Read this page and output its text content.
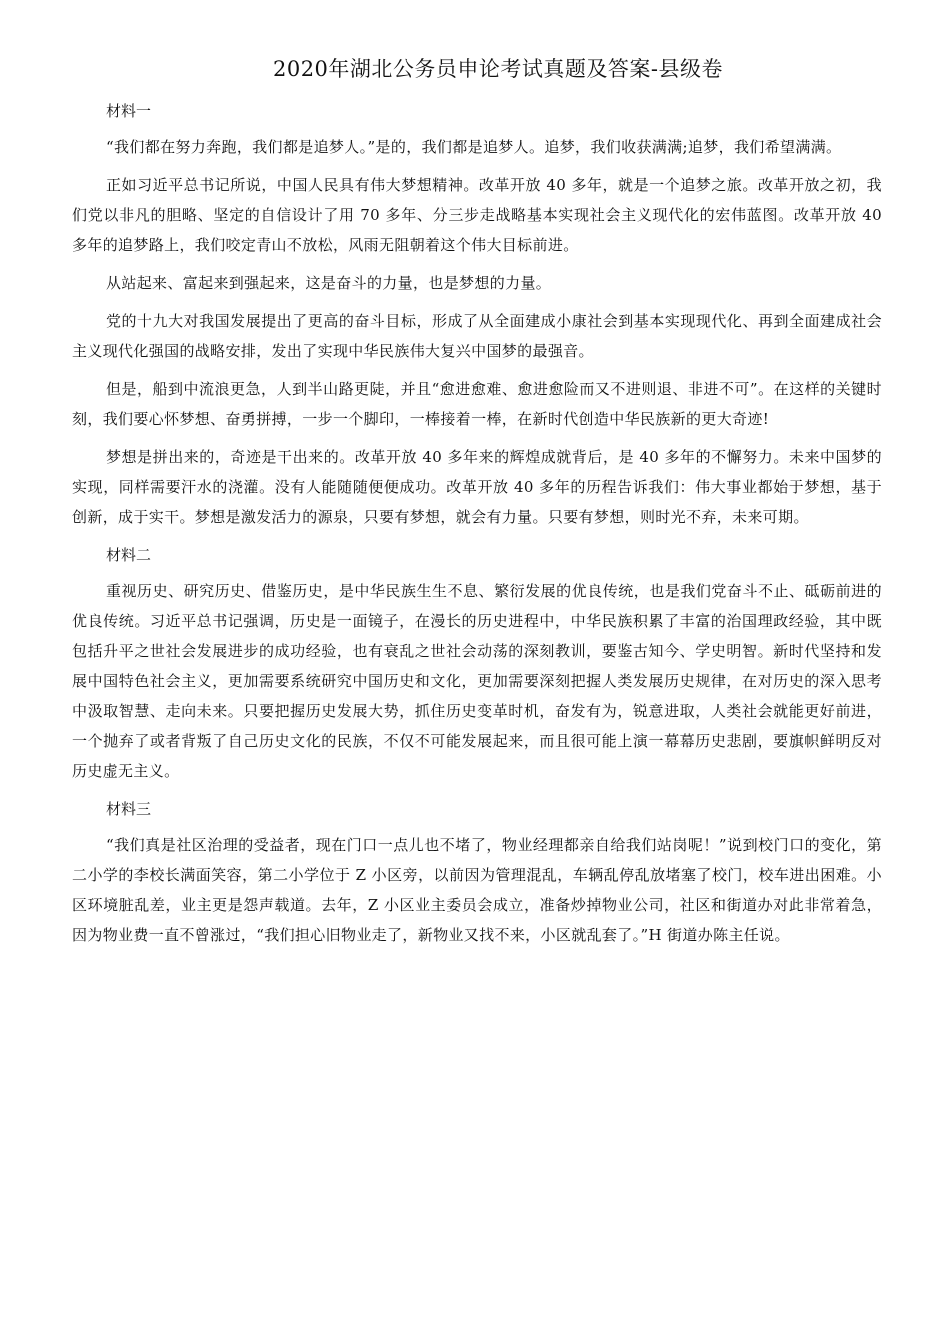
2020年湖北公务员申论考试真题及答案-县级卷

材料一

“我们都在努力奔跑，我们都是追梦人。”是的，我们都是追梦人。追梦，我们收获满满;追梦，我们希望满满。

正如习近平总书记所说，中国人民具有伟大梦想精神。改革开放 40 多年，就是一个追梦之旅。改革开放之初，我们党以非凡的胆略、坚定的自信设计了用 70 多年、分三步走战略基本实现社会主义现代化的宏伟蓝图。改革开放 40 多年的追梦路上，我们咬定青山不放松，风雨无阻朝着这个伟大目标前进。

从站起来、富起来到强起来，这是奋斗的力量，也是梦想的力量。

党的十九大对我国发展提出了更高的奋斗目标，形成了从全面建成小康社会到基本实现现代化、再到全面建成社会主义现代化强国的战略安排，发出了实现中华民族伟大复兴中国梦的最强音。

但是，船到中流浪更急，人到半山路更陡，并且“愈进愈难、愈进愈险而又不进则退、非进不可”。在这样的关键时刻，我们要心怀梦想、奋勇拼搏，一步一个脚印，一棒接着一棒，在新时代创造中华民族新的更大奇迹!

梦想是拼出来的，奇迹是干出来的。改革开放 40 多年来的辉煌成就背后，是 40 多年的不懈努力。未来中国梦的实现，同样需要汗水的浇灌。没有人能随随便便成功。改革开放 40 多年的历程告诉我们：伟大事业都始于梦想，基于创新，成于实干。梦想是激发活力的源泉，只要有梦想，就会有力量。只要有梦想，则时光不弃，未来可期。

材料二

重视历史、研究历史、借鉴历史，是中华民族生生不息、繁衍发展的优良传统，也是我们党奋斗不止、砥砺前进的优良传统。习近平总书记强调，历史是一面镜子，在漫长的历史进程中，中华民族积累了丰富的治国理政经验，其中既包括升平之世社会发展进步的成功经验，也有衰乱之世社会动荡的深刻教训，要鉴古知今、学史明智。新时代坚持和发展中国特色社会主义，更加需要系统研究中国历史和文化，更加需要深刻把握人类发展历史规律，在对历史的深入思考中汲取智慧、走向未来。只要把握历史发展大势，抓住历史变革时机，奋发有为，锐意进取，人类社会就能更好前进，一个抛弃了或者背叛了自己历史文化的民族，不仅不可能发展起来，而且很可能上演一幕幕历史悲剧，要旗帜鲜明反对历史虚无主义。

材料三

“我们真是社区治理的受益者，现在门口一点儿也不堵了，物业经理都亲自给我们站岗呢！”说到校门口的变化，第二小学的李校长满面笑容，第二小学位于 Z 小区旁，以前因为管理混乱，车辆乱停乱放堵塞了校门，校车进出困难。小区环境脏乱差，业主更是怨声载道。去年，Z 小区业主委员会成立，准备炒掉物业公司，社区和街道办对此非常着急，因为物业费一直不曾涨过，“我们担心旧物业走了，新物业又找不来，小区就乱套了。”H 街道办陈主任说。
